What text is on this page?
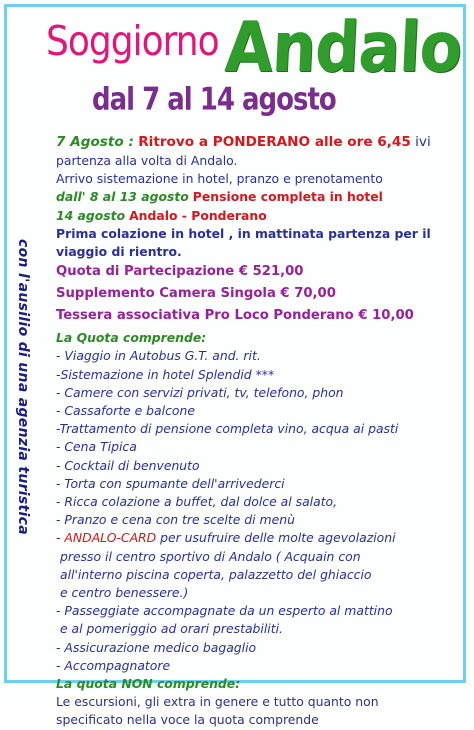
Soggiorno Andalo
dal 7 al 14 agosto
con l'ausilio di una agenzia turistica
7 Agosto : Ritrovo a PONDERANO alle ore 6,45 ivi
partenza alla volta di Andalo.
Arrivo sistemazione in hotel, pranzo e prenotamento
dall' 8 al 13 agosto Pensione completa in hotel
14 agosto Andalo - Ponderano
Prima colazione in hotel , in mattinata partenza per il
viaggio di rientro.
Quota di Partecipazione € 521,00
Supplemento Camera Singola € 70,00
Tessera associativa Pro Loco Ponderano € 10,00
La Quota comprende:
- Viaggio in Autobus G.T. and. rit.
-Sistemazione in hotel Splendid ***
- Camere con servizi privati, tv, telefono, phon
- Cassaforte e balcone
-Trattamento di pensione completa vino, acqua ai pasti
- Cena Tipica
- Cocktail di benvenuto
- Torta con spumante dell'arrivederci
- Ricca colazione a buffet, dal dolce al salato,
- Pranzo e cena con tre scelte di menù
- ANDALO-CARD per usufruire delle molte agevolazioni
presso il centro sportivo di Andalo ( Acquain con
all'interno piscina coperta, palazzetto del ghiaccio
e centro benessere.)
- Passeggiate accompagnate da un esperto al mattino
e al pomeriggio ad orari prestabiliti.
- Assicurazione medico bagaglio
- Accompagnatore
La quota NON comprende:
Le escursioni, gli extra in genere e tutto quanto non
specificato nella voce la quota comprende
